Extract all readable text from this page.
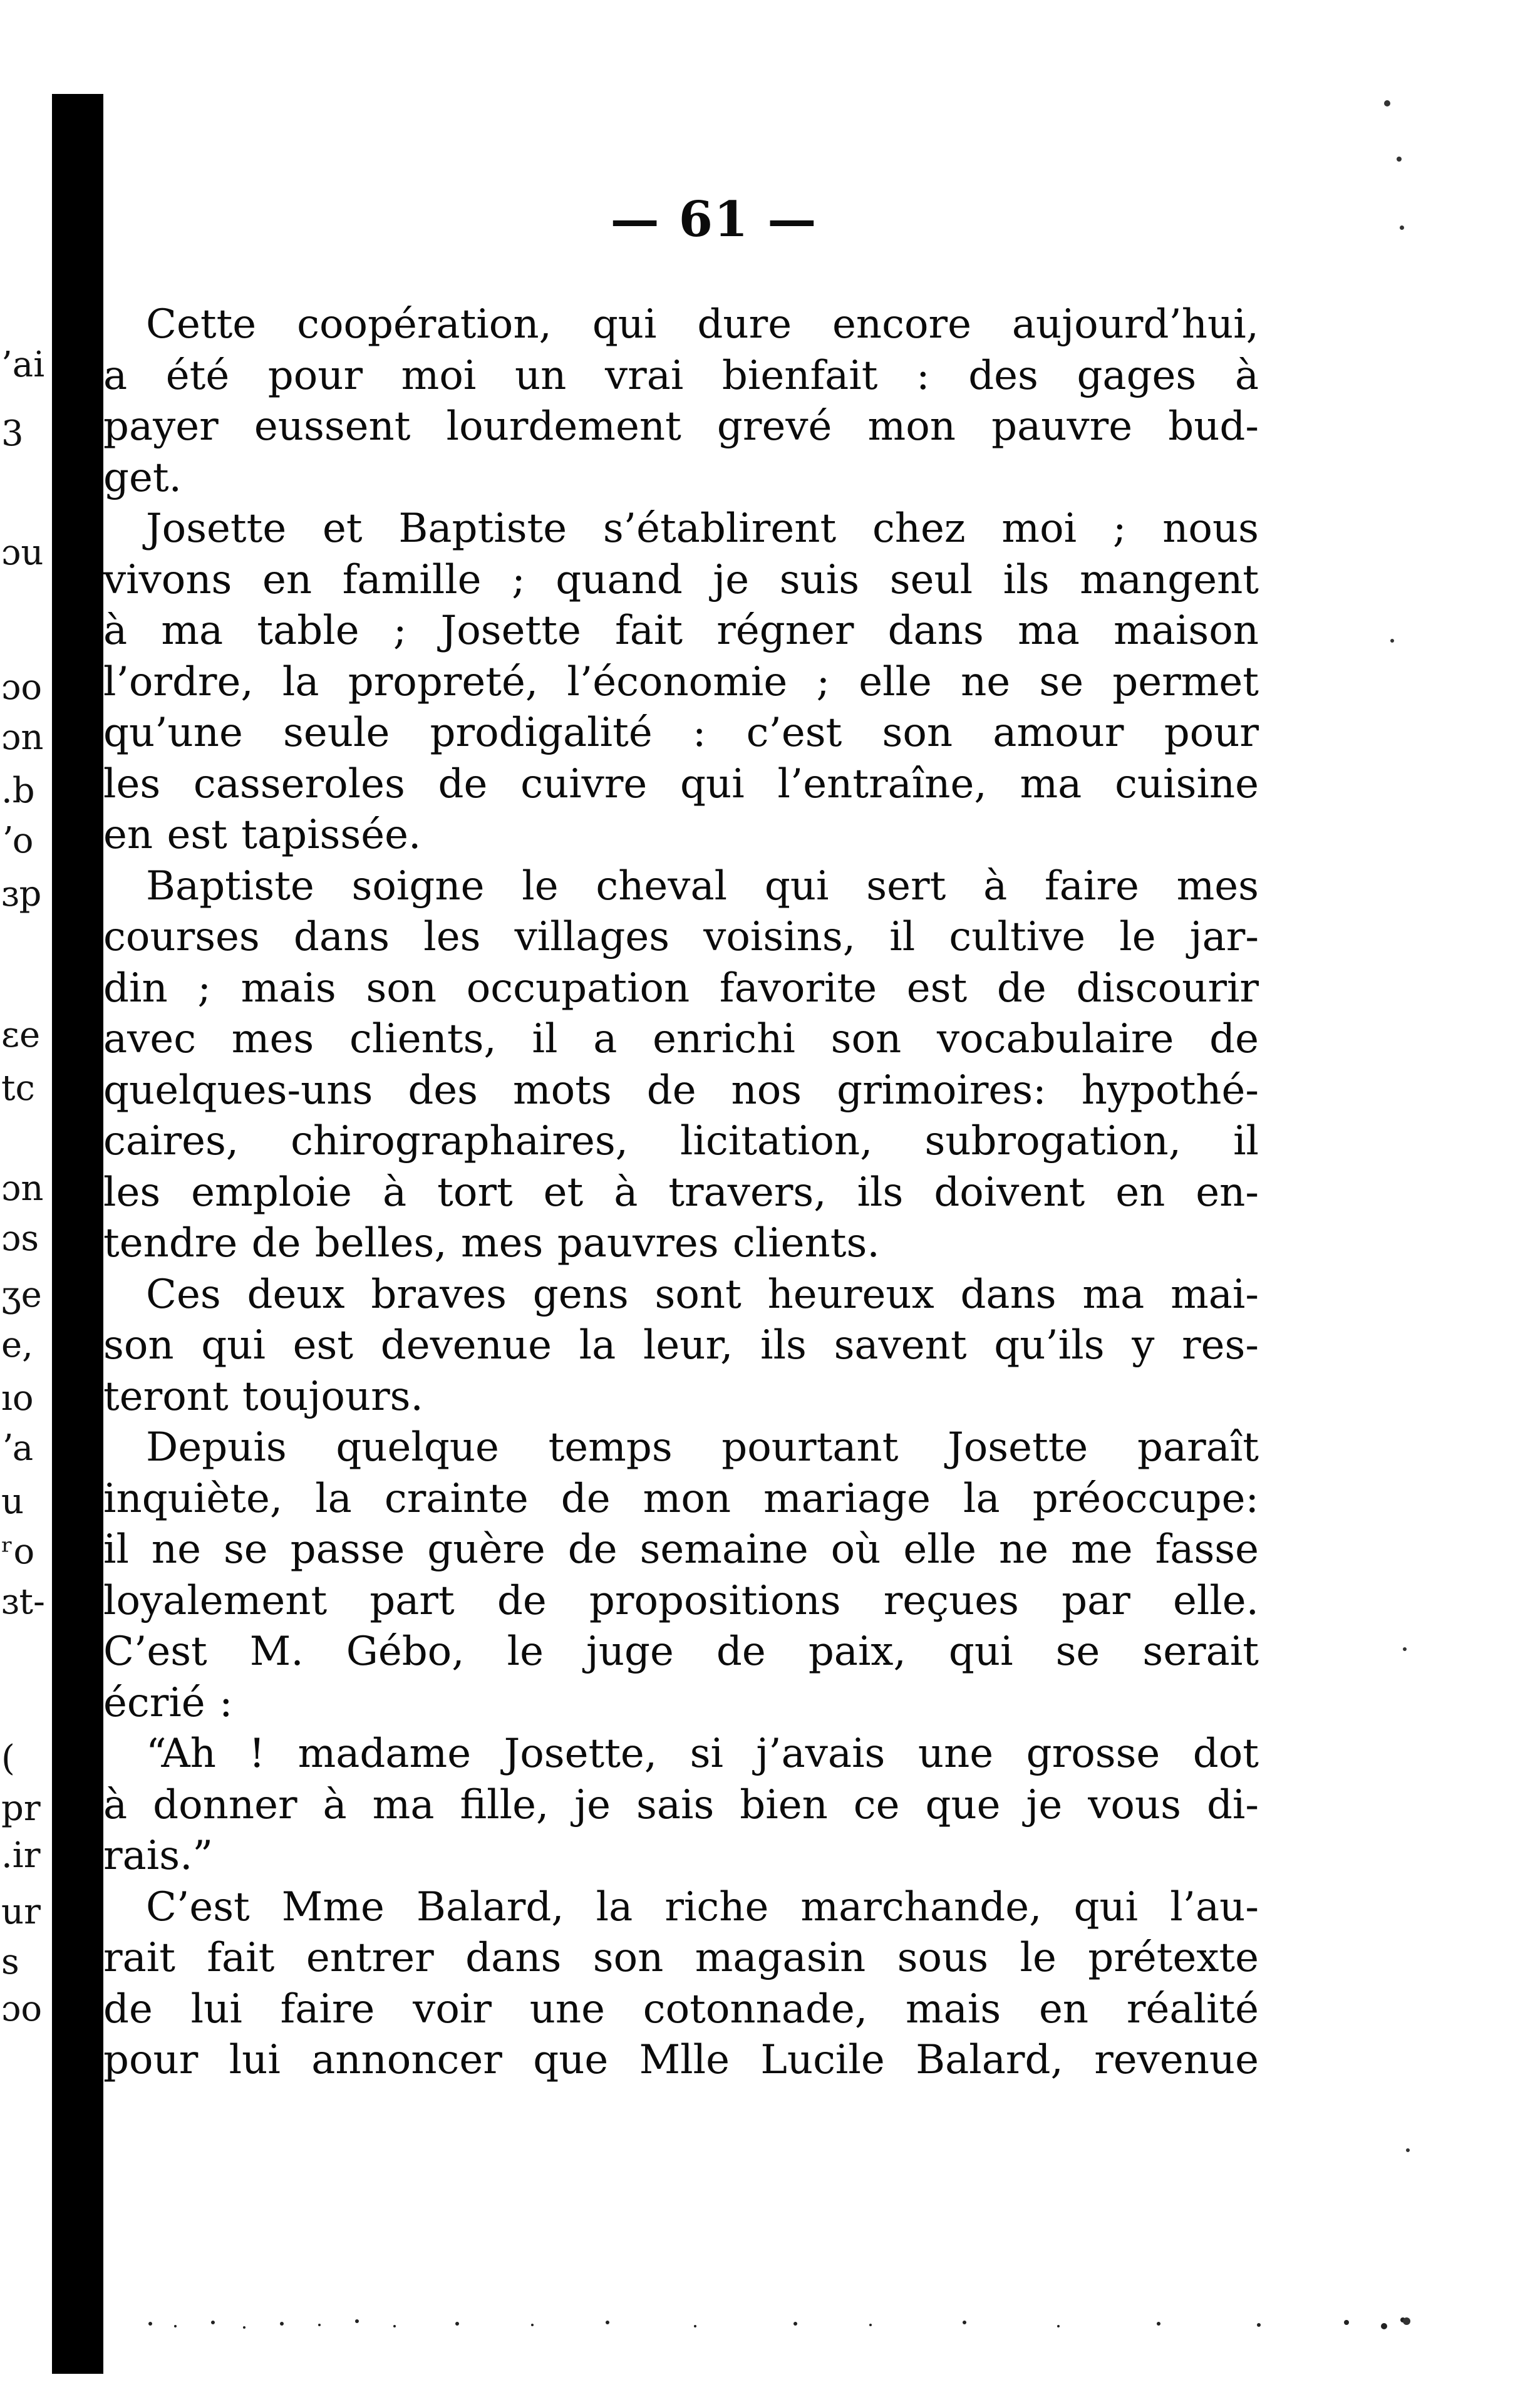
’ai
3
ɔu
ɔo
ɔn
.b
ʼo
ɜp
ɛe
tc
ɔn
ɔs
ʒe
e,
ıo
ʼa
u
ʳo
ɜt-
(
pr
.ir
ur
s
ɔo
— 61 —
Cette coopération, qui dure encore aujourd’hui,
a été pour moi un vrai bienfait : des gages à
payer eussent lourdement grevé mon pauvre bud-
get.
Josette et Baptiste s’établirent chez moi ; nous
vivons en famille ; quand je suis seul ils mangent
à ma table ; Josette fait régner dans ma maison
l’ordre, la propreté, l’économie ; elle ne se permet
qu’une seule prodigalité : c’est son amour pour
les casseroles de cuivre qui l’entraîne, ma cuisine
en est tapissée.
Baptiste soigne le cheval qui sert à faire mes
courses dans les villages voisins, il cultive le jar-
din ; mais son occupation favorite est de discourir
avec mes clients, il a enrichi son vocabulaire de
quelques-uns des mots de nos grimoires: hypothé-
caires, chirographaires, licitation, subrogation, il
les emploie à tort et à travers, ils doivent en en-
tendre de belles, mes pauvres clients.
Ces deux braves gens sont heureux dans ma mai-
son qui est devenue la leur, ils savent qu’ils y res-
teront toujours.
Depuis quelque temps pourtant Josette paraît
inquiète, la crainte de mon mariage la préoccupe:
il ne se passe guère de semaine où elle ne me fasse
loyalement part de propositions reçues par elle.
C’est M. Gébo, le juge de paix, qui se serait
écrié :
“Ah ! madame Josette, si j’avais une grosse dot
à donner à ma fille, je sais bien ce que je vous di-
rais.”
C’est Mme Balard, la riche marchande, qui l’au-
rait fait entrer dans son magasin sous le prétexte
de lui faire voir une cotonnade, mais en réalité
pour lui annoncer que Mlle Lucile Balard, revenue
